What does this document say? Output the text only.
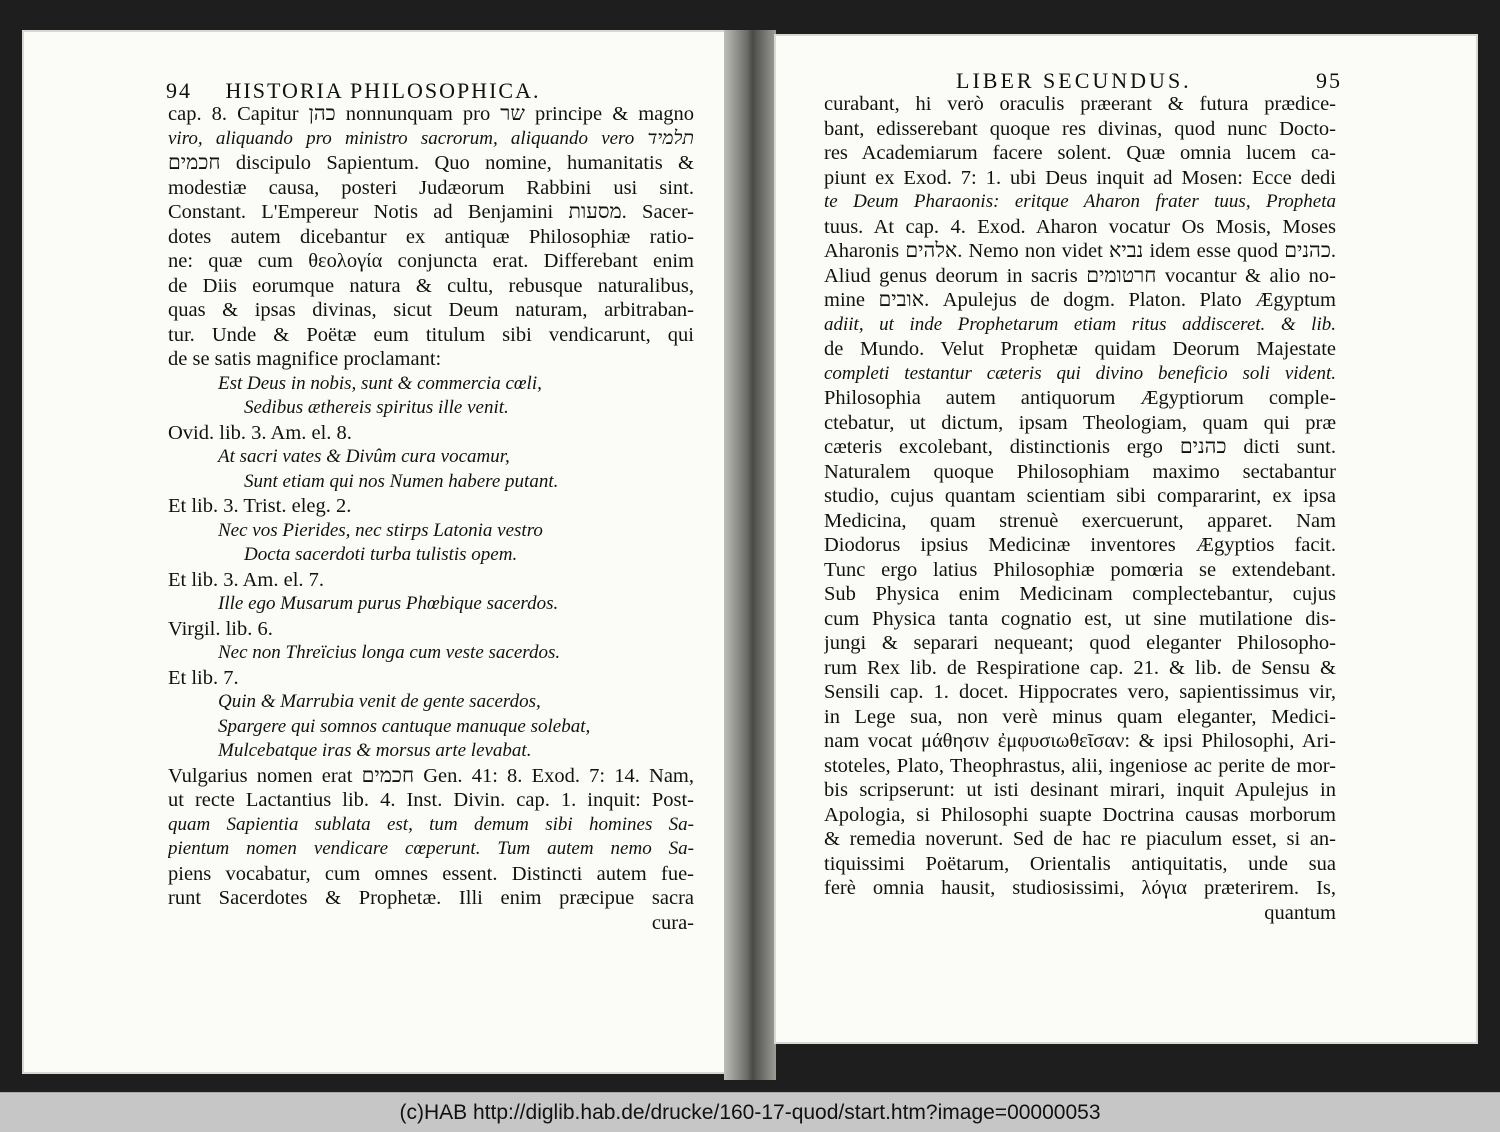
94 HISTORIA PHILOSOPHICA.
cap. 8. Capitur כהן nonnunquam pro שר principe & magno
viro, aliquando pro ministro sacrorum, aliquando vero תלמיד
חכמים discipulo Sapientum. Quo nomine, humanitatis &
modestiæ causa, posteri Judæorum Rabbini usi sint.
Constant. L'Empereur Notis ad Benjamini מסעות. Sacer-
dotes autem dicebantur ex antiquæ Philosophiæ ratio-
ne: quæ cum θεολογία conjuncta erat. Differebant enim
de Diis eorumque natura & cultu, rebusque naturalibus,
quas & ipsas divinas, sicut Deum naturam, arbitraban-
tur. Unde & Poëtæ eum titulum sibi vendicarunt, qui
de se satis magnifice proclamant:
Est Deus in nobis, sunt & commercia cœli,
Sedibus æthereis spiritus ille venit.
Ovid. lib. 3. Am. el. 8.
At sacri vates & Divûm cura vocamur,
Sunt etiam qui nos Numen habere putant.
Et lib. 3. Trist. eleg. 2.
Nec vos Pierides, nec stirps Latonia vestro
Docta sacerdoti turba tulistis opem.
Et lib. 3. Am. el. 7.
Ille ego Musarum purus Phœbique sacerdos.
Virgil. lib. 6.
Nec non Threïcius longa cum veste sacerdos.
Et lib. 7.
Quin & Marrubia venit de gente sacerdos,
Spargere qui somnos cantuque manuque solebat,
Mulcebatque iras & morsus arte levabat.
Vulgarius nomen erat חכמים Gen. 41: 8. Exod. 7: 14. Nam,
ut recte Lactantius lib. 4. Inst. Divin. cap. 1. inquit: Post-
quam Sapientia sublata est, tum demum sibi homines Sa-
pientum nomen vendicare cœperunt. Tum autem nemo Sa-
piens vocabatur, cum omnes essent. Distincti autem fue-
runt Sacerdotes & Prophetæ. Illi enim præcipue sacra
cura-
LIBER SECUNDUS.	95
curabant, hi verò oraculis præerant & futura prædice-
bant, edisserebant quoque res divinas, quod nunc Docto-
res Academiarum facere solent. Quæ omnia lucem ca-
piunt ex Exod. 7: 1. ubi Deus inquit ad Mosen: Ecce dedi
te Deum Pharaonis: eritque Aharon frater tuus, Propheta
tuus. At cap. 4. Exod. Aharon vocatur Os Mosis, Moses
Aharonis אלהים. Nemo non videt נביא idem esse quod כהנים.
Aliud genus deorum in sacris חרטומים vocantur & alio no-
mine אובים. Apulejus de dogm. Platon. Plato Ægyptum
adiit, ut inde Prophetarum etiam ritus addisceret. & lib.
de Mundo. Velut Prophetæ quidam Deorum Majestate
completi testantur cæteris qui divino beneficio soli vident.
Philosophia autem antiquorum Ægyptiorum comple-
ctebatur, ut dictum, ipsam Theologiam, quam qui præ
cæteris excolebant, distinctionis ergo כהנים dicti sunt.
Naturalem quoque Philosophiam maximo sectabantur
studio, cujus quantam scientiam sibi compararint, ex ipsa
Medicina, quam strenuè exercuerunt, apparet. Nam
Diodorus ipsius Medicinæ inventores Ægyptios facit.
Tunc ergo latius Philosophiæ pomœria se extendebant.
Sub Physica enim Medicinam complectebantur, cujus
cum Physica tanta cognatio est, ut sine mutilatione dis-
jungi & separari nequeant; quod eleganter Philosopho-
rum Rex lib. de Respiratione cap. 21. & lib. de Sensu &
Sensili cap. 1. docet. Hippocrates vero, sapientissimus vir,
in Lege sua, non verè minus quam eleganter, Medici-
nam vocat μάθησιν ἐμφυσιωθεῖσαν: & ipsi Philosophi, Ari-
stoteles, Plato, Theophrastus, alii, ingeniose ac perite de mor-
bis scripserunt: ut isti desinant mirari, inquit Apulejus in
Apologia, si Philosophi suapte Doctrina causas morborum
& remedia noverunt. Sed de hac re piaculum esset, si an-
tiquissimi Poëtarum, Orientalis antiquitatis, unde sua
ferè omnia hausit, studiosissimi, λόγια præterirem. Is,
quantum
(c)HAB http://diglib.hab.de/drucke/160-17-quod/start.htm?image=00000053
